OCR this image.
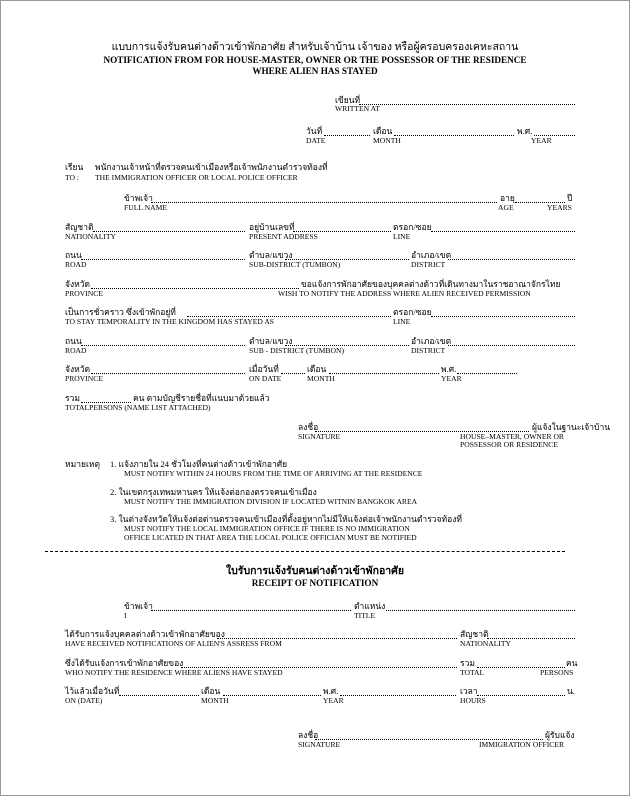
แบบการแจ้งรับคนต่างด้าวเข้าพักอาศัย สำหรับเจ้าบ้าน เจ้าของ หรือผู้ครอบครองเคหะสถาน
NOTIFICATION FROM FOR HOUSE-MASTER, OWNER OR THE POSSESSOR OF THE RESIDENCE
WHERE ALIEN HAS STAYED
เขียนที่
WRITTEN AT
วันที่	เดือน	พ.ศ.
DATE	MONTH	YEAR
เรียน พนักงานเจ้าหน้าที่ตรวจคนเข้าเมืองหรือเจ้าพนักงานตำรวจท้องที่
TO : THE IMMIGRATION OFFICER OR LOCAL POLICE OFFICER
ข้าพเจ้า	อายุ	ปี
FULL NAME	AGE	YEARS
สัญชาติ	อยู่บ้านเลขที่	ตรอก/ซอย
NATIONALITY	PRESENT ADDRESS	LINE
ถนน	ตำบล/แขวง	อำเภอ/เขต
ROAD	SUB-DISTRICT (TUMBON)	DISTRICT
จังหวัด	ขอแจ้งการพักอาศัยของบุคคลต่างด้าวที่เดินทางมาในราชอาณาจักรไทย
PROVINCE	WISH TO NOTIFY THE ADDRESS WHERE ALIEN RECEIVED PERMISSION
เป็นการชั่วคราว ซึ่งเข้าพักอยู่ที่	ตรอก/ซอย
TO STAY TEMPORALITY IN THE KINGDOM HAS STAYED AS	LINE
ถนน	ตำบล/แขวง	อำเภอ/เขต
ROAD	SUB - DISTRICT (TUMBON)	DISTRICT
จังหวัด	เมื่อวันที่	เดือน	พ.ศ.
PROVINCE	ON DATE	MONTH	YEAR
รวม	คน ตามบัญชีรายชื่อที่แนบมาด้วยแล้ว
TOTALPERSONS (NAME LIST ATTACHED)
ลงชื่อ	ผู้แจ้งในฐานะเจ้าบ้าน
SIGNATURE	HOUSE–MASTER, OWNER OR
POSSESSOR OR RESIDENCE
หมายเหตุ 1. แจ้งภายใน 24 ชั่วโมงที่คนต่างด้าวเข้าพักอาศัย
MUST NOTIFY WITHIN 24 HOURS FROM THE TIME OF ARRIVING AT THE RESIDENCE
2. ในเขตกรุงเทพมหานคร ให้แจ้งต่อกองตรวจคนเข้าเมือง
MUST NOTIFY THE IMMIGRATION DIVISION IF LOCATED WITNIN BANGKOK AREA
3. ในต่างจังหวัดให้แจ้งต่อด่านตรวจคนเข้าเมืองที่ตั้งอยู่หากไม่มีให้แจ้งต่อเจ้าพนักงานตำรวจท้องที่
MUST NOTIFY THE LOCAL IMMIGRATION OFFICE IF THERE IS NO IMMIGRATION
OFFICE LICATED IN THAT AREA THE LOCAL POLICE OFFICIAN MUST BE NOTIFIED
ใบรับการแจ้งรับคนต่างด้าวเข้าพักอาศัย
RECEIPT OF NOTIFICATION
ข้าพเจ้า	ตำแหน่ง
I	TITLE
ได้รับการแจ้งบุคคลต่างด้าวเข้าพักอาศัยของ	สัญชาติ
HAVE RECEIVED NOTIFICATIONS OF ALIEN'S ASSRESS FROM	NATIONALITY
ซึ่งได้รับแจ้งการเข้าพักอาศัยของ	รวม	คน
WHO NOTIFY THE RESIDENCE WHERE ALIENS HAVE STAYED	TOTAL	PERSONS
ไว้แล้วเมื่อวันที่	เดือน	พ.ศ.	เวลา	น.
ON (DATE)	MONTH	YEAR	HOURS
ลงชื่อ	ผู้รับแจ้ง
SIGNATURE	IMMIGRATION OFFICER
